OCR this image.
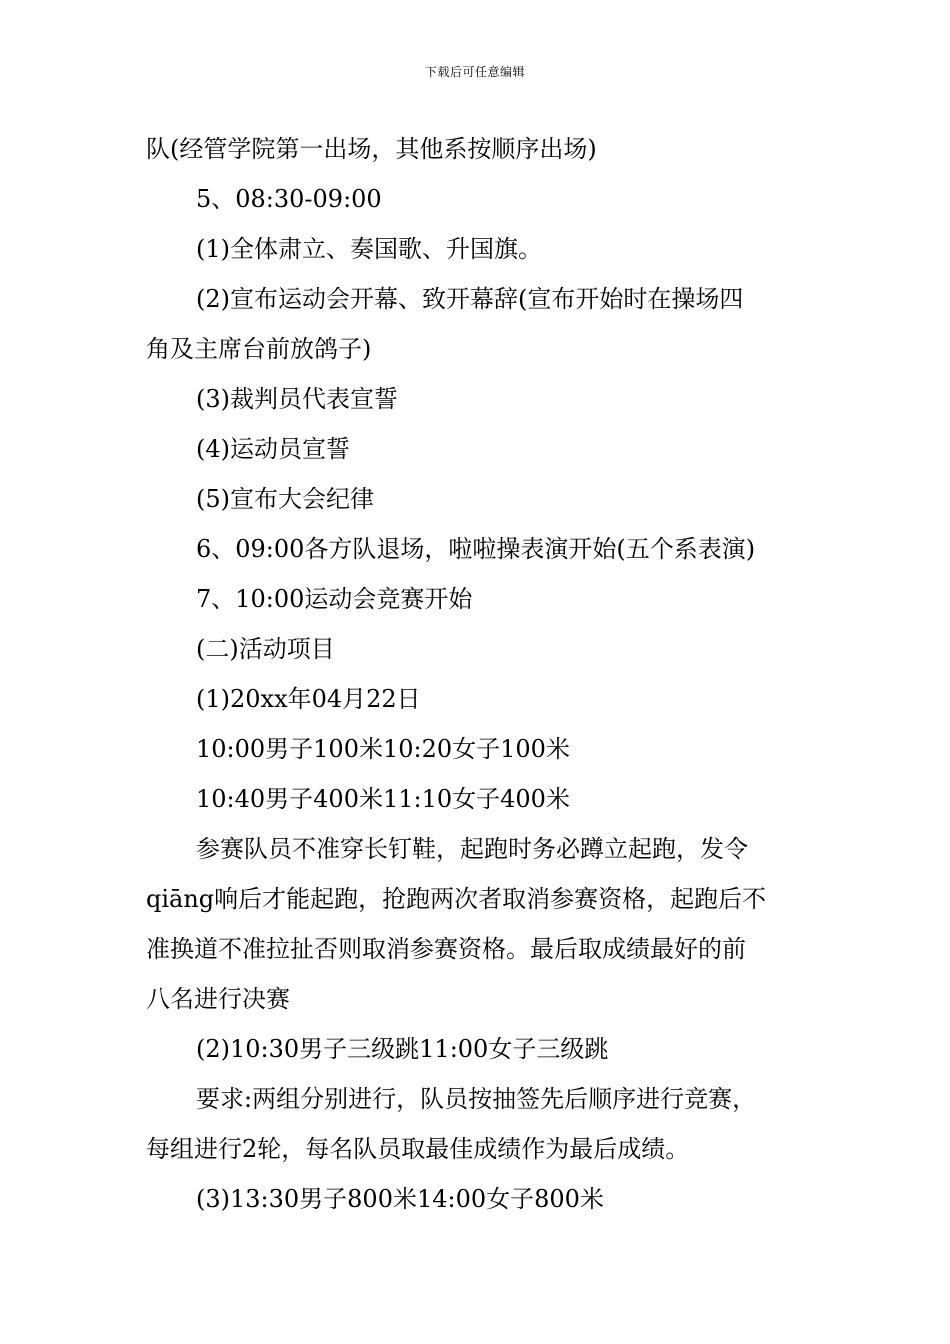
下载后可任意编辑
队(经管学院第一出场，其他系按顺序出场)
5、08:30-09:00
(1)全体肃立、奏国歌、升国旗。
(2)宣布运动会开幕、致开幕辞(宣布开始时在操场四
角及主席台前放鸽子)
(3)裁判员代表宣誓
(4)运动员宣誓
(5)宣布大会纪律
6、09:00各方队退场，啦啦操表演开始(五个系表演)
7、10:00运动会竞赛开始
(二)活动项目
(1)20xx年04月22日
10:00男子100米10:20女子100米
10:40男子400米11:10女子400米
参赛队员不准穿长钉鞋，起跑时务必蹲立起跑，发令
qiāng响后才能起跑，抢跑两次者取消参赛资格，起跑后不
准换道不准拉扯否则取消参赛资格。最后取成绩最好的前
八名进行决赛
(2)10:30男子三级跳11:00女子三级跳
要求:两组分别进行，队员按抽签先后顺序进行竞赛，
每组进行2轮，每名队员取最佳成绩作为最后成绩。
(3)13:30男子800米14:00女子800米
